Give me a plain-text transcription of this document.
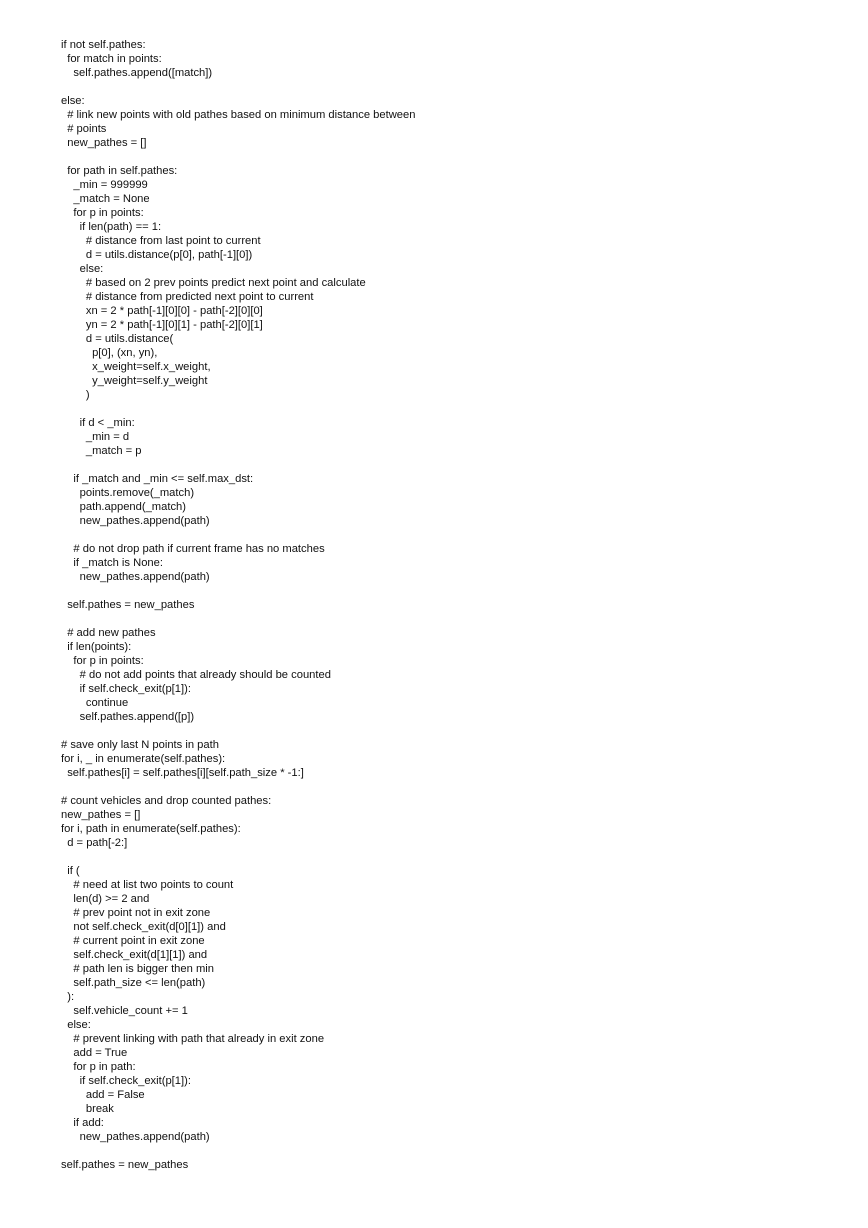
if not self.pathes:
for match in points:
self.pathes.append([match])
else:
# link new points with old pathes based on minimum distance between
# points
new_pathes = []
for path in self.pathes:
_min = 999999
_match = None
for p in points:
if len(path) == 1:
# distance from last point to current
d = utils.distance(p[0], path[-1][0])
else:
# based on 2 prev points predict next point and calculate
# distance from predicted next point to current
xn = 2 * path[-1][0][0] - path[-2][0][0]
yn = 2 * path[-1][0][1] - path[-2][0][1]
d = utils.distance(
p[0], (xn, yn),
x_weight=self.x_weight,
y_weight=self.y_weight
)
if d < _min:
_min = d
_match = p
if _match and _min <= self.max_dst:
points.remove(_match)
path.append(_match)
new_pathes.append(path)
# do not drop path if current frame has no matches
if _match is None:
new_pathes.append(path)
self.pathes = new_pathes
# add new pathes
if len(points):
for p in points:
# do not add points that already should be counted
if self.check_exit(p[1]):
continue
self.pathes.append([p])
# save only last N points in path
for i, _ in enumerate(self.pathes):
self.pathes[i] = self.pathes[i][self.path_size * -1:]
# count vehicles and drop counted pathes:
new_pathes = []
for i, path in enumerate(self.pathes):
d = path[-2:]
if (
# need at list two points to count
len(d) >= 2 and
# prev point not in exit zone
not self.check_exit(d[0][1]) and
# current point in exit zone
self.check_exit(d[1][1]) and
# path len is bigger then min
self.path_size <= len(path)
):
self.vehicle_count += 1
else:
# prevent linking with path that already in exit zone
add = True
for p in path:
if self.check_exit(p[1]):
add = False
break
if add:
new_pathes.append(path)
self.pathes = new_pathes
